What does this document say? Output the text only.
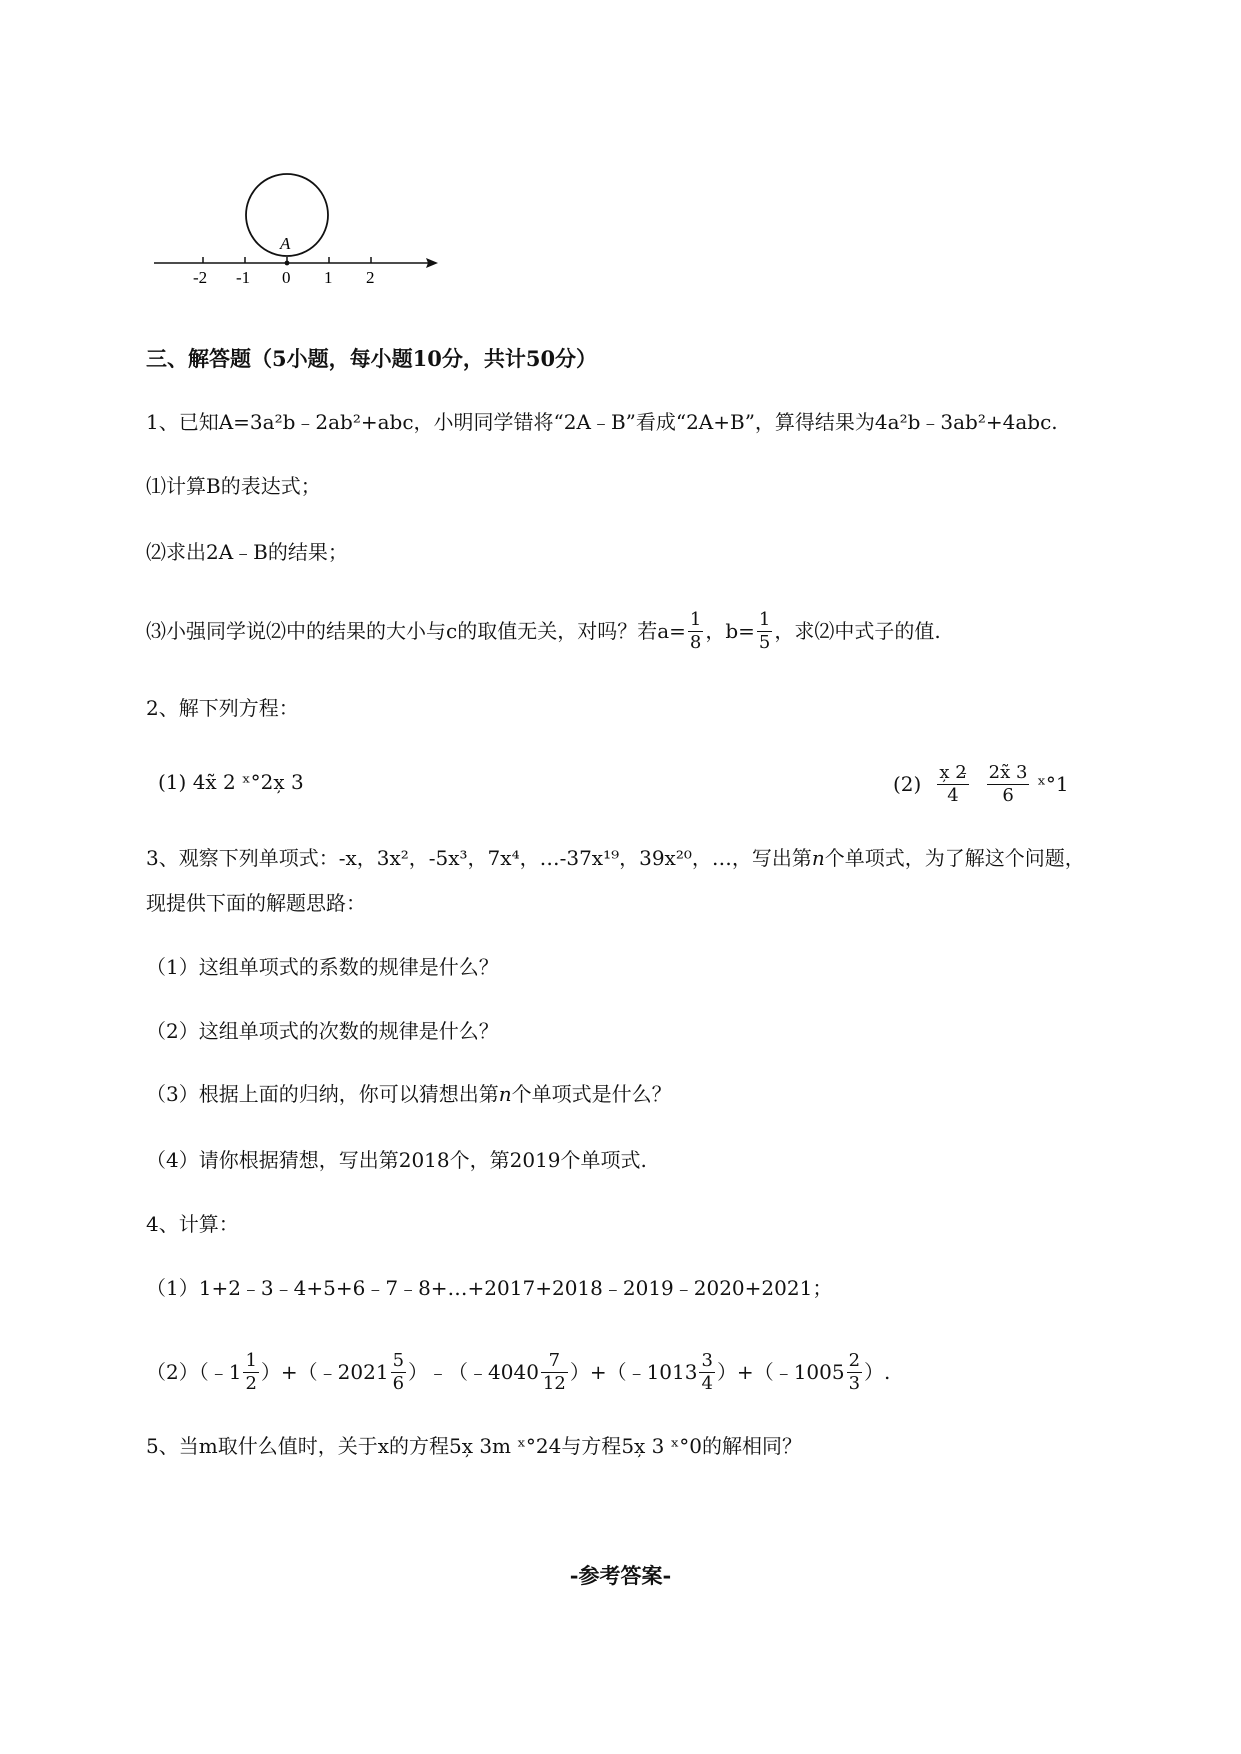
A
-2 -1 0 1 2
三、解答题（5小题，每小题10分，共计50分）
1、已知A=3a²b﹣2ab²+abc，小明同学错将“2A﹣B”看成“2A+B”，算得结果为4a²b﹣3ab²+4abc.
⑴计算B的表达式；
⑵求出2A﹣B的结果；
⑶小强同学说⑵中的结果的大小与c的取值无关，对吗？若$a= \frac{1}{8}$ ，$b= \frac{1}{5}$ ，求⑵中式子的值.
2、解下列方程：
(1) 4x̃ 2 ˣ°2x̦ 3	$(2) \frac{x̦ 2̵}{4} \frac{2x̃ 3}{6}$ ˣ°1
3、观察下列单项式：-x，3x²，-5x³，7x⁴，…-37x¹⁹，39x²⁰，…，写出第n个单项式，为了解这个问题，
现提供下面的解题思路：
（1）这组单项式的系数的规律是什么？
（2）这组单项式的次数的规律是什么？
（3）根据上面的归纳，你可以猜想出第n个单项式是什么？
（4）请你根据猜想，写出第2018个，第2019个单项式.
4、计算：
（1）1+2﹣3﹣4+5+6﹣7﹣8+…+2017+2018﹣2019﹣2020+2021；
（2）（﹣1 $\frac{1}{2}$ ）+（﹣2021 $\frac{5}{6}$ ）﹣（﹣4040 $\frac{7}{12}$ ）+（﹣1013 $\frac{3}{4}$ ）+（﹣1005 $\frac{2}{3}$ ）.
5、当m取什么值时，关于x的方程5x̦ 3m ˣ°24与方程5x̦ 3 ˣ°0的解相同？
-参考答案-
